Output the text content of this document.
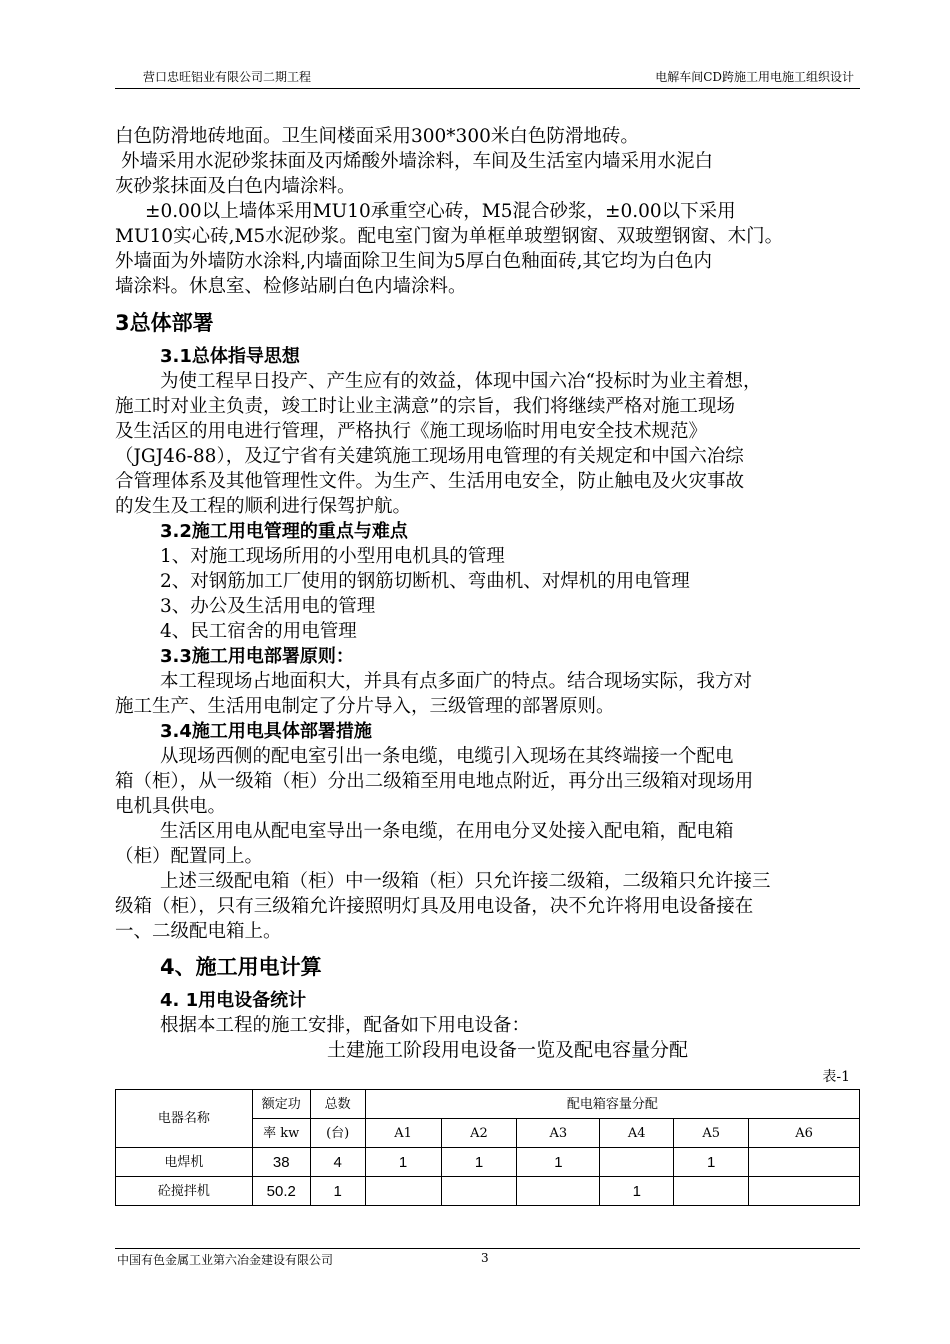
营口忠旺铝业有限公司二期工程	电解车间CD跨施工用电施工组织设计

白色防滑地砖地面。卫生间楼面采用300*300米白色防滑地砖。

外墙采用水泥砂浆抹面及丙烯酸外墙涂料，车间及生活室内墙采用水泥白

灰砂浆抹面及白色内墙涂料。

±0.00以上墙体采用MU10承重空心砖，M5混合砂浆，±0.00以下采用

MU10实心砖,M5水泥砂浆。配电室门窗为单框单玻塑钢窗、双玻塑钢窗、木门。

外墙面为外墙防水涂料,内墙面除卫生间为5厚白色釉面砖,其它均为白色内

墙涂料。休息室、检修站刷白色内墙涂料。

3总体部署
3.1总体指导思想

为使工程早日投产、产生应有的效益，体现中国六冶“投标时为业主着想，

施工时对业主负责，竣工时让业主满意”的宗旨，我们将继续严格对施工现场

及生活区的用电进行管理，严格执行《施工现场临时用电安全技术规范》

（JGJ46-88），及辽宁省有关建筑施工现场用电管理的有关规定和中国六冶综

合管理体系及其他管理性文件。为生产、生活用电安全，防止触电及火灾事故

的发生及工程的顺利进行保驾护航。

3.2施工用电管理的重点与难点

1、对施工现场所用的小型用电机具的管理

2、对钢筋加工厂使用的钢筋切断机、弯曲机、对焊机的用电管理

3、办公及生活用电的管理

4、民工宿舍的用电管理

3.3施工用电部署原则：

本工程现场占地面积大，并具有点多面广的特点。结合现场实际，我方对

施工生产、生活用电制定了分片导入，三级管理的部署原则。

3.4施工用电具体部署措施

从现场西侧的配电室引出一条电缆，电缆引入现场在其终端接一个配电

箱（柜），从一级箱（柜）分出二级箱至用电地点附近，再分出三级箱对现场用

电机具供电。

生活区用电从配电室导出一条电缆，在用电分叉处接入配电箱，配电箱

（柜）配置同上。

上述三级配电箱（柜）中一级箱（柜）只允许接二级箱，二级箱只允许接三

级箱（柜），只有三级箱允许接照明灯具及用电设备，决不允许将用电设备接在

一、二级配电箱上。

4、施工用电计算
4. 1用电设备统计

根据本工程的施工安排，配备如下用电设备：

土建施工阶段用电设备一览及配电容量分配
表-1
电器名称	额定功	总数	配电箱容量分配					
	率 kw	(台)	A1	A2	A3	A4	A5	A6
电焊机	38	4	1	1	1		1	
砼搅拌机	50.2	1				1		
中国有色金属工业第六冶金建设有限公司	3
